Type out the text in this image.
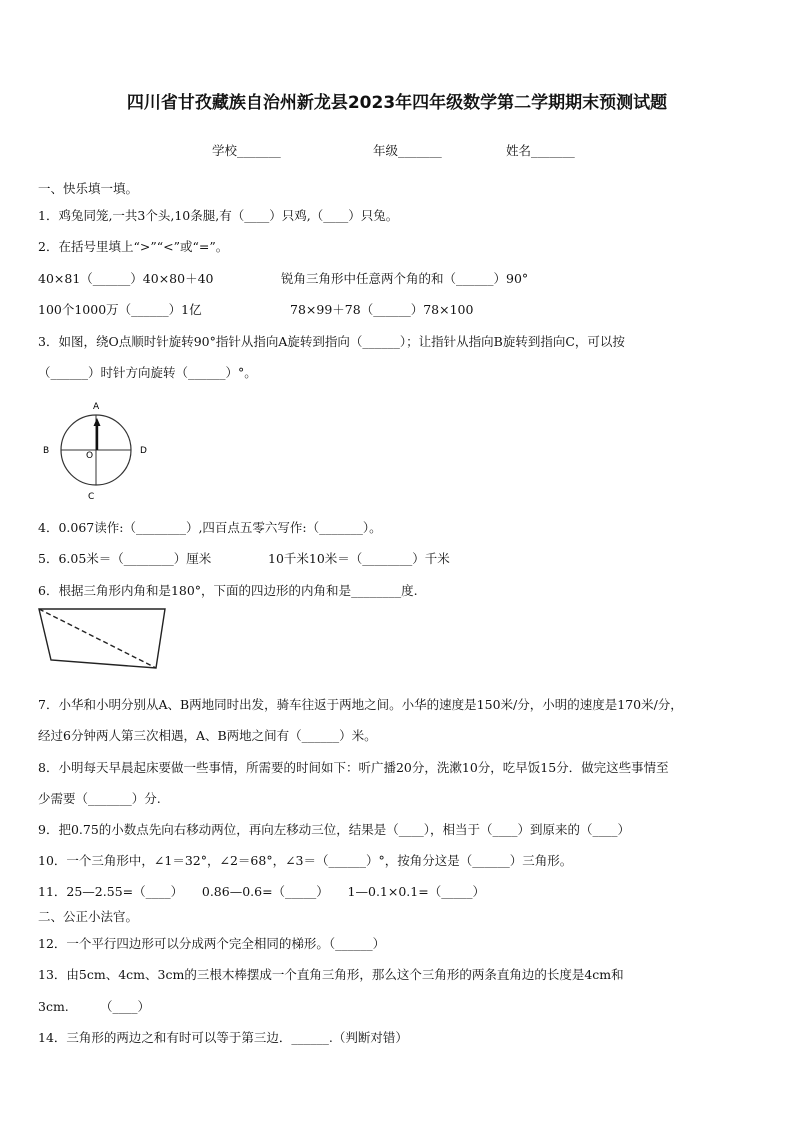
四川省甘孜藏族自治州新龙县2023年四年级数学第二学期期末预测试题
学校_______	年级_______	姓名_______
一、快乐填一填。
1．鸡兔同笼,一共3个头,10条腿,有（____）只鸡,（____）只兔。
2．在括号里填上“>”“<”或“=”。
40×81（______）40×80＋40	锐角三角形中任意两个角的和（______）90°
100个1000万（______）1亿	78×99＋78（______）78×100
3．如图，绕O点顺时针旋转90°指针从指向A旋转到指向（______）；让指针从指向B旋转到指向C，可以按
（______）时针方向旋转（______）°。
A
B	D
C
O
4．0.067读作:（________）,四百点五零六写作:（_______）。
5．6.05米＝（________）厘米	10千米10米＝（________）千米
6．根据三角形内角和是180°，下面的四边形的内角和是________度.
7．小华和小明分别从A、B两地同时出发，骑车往返于两地之间。小华的速度是150米/分，小明的速度是170米/分，
经过6分钟两人第三次相遇，A、B两地之间有（______）米。
8．小明每天早晨起床要做一些事情，所需要的时间如下：听广播20分，洗漱10分，吃早饭15分．做完这些事情至
少需要（_______）分.
9．把0.75的小数点先向右移动两位，再向左移动三位，结果是（____），相当于（____）到原来的（____）
10．一个三角形中，∠1＝32°，∠2＝68°，∠3＝（______）°，按角分这是（______）三角形。
11．25—2.55=（____）　　0.86—0.6=（_____）　　1—0.1×0.1=（_____）
二、公正小法官。
12．一个平行四边形可以分成两个完全相同的梯形。（______）
13．由5cm、4cm、3cm的三根木棒摆成一个直角三角形，那么这个三角形的两条直角边的长度是4cm和
3cm.　　　（____）
14．三角形的两边之和有时可以等于第三边．______.（判断对错）
